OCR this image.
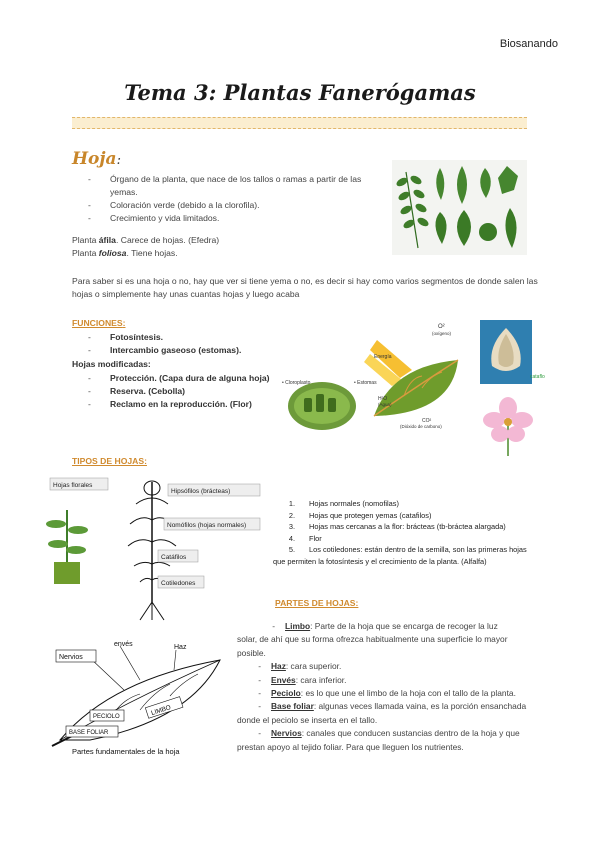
Biosanando
Tema 3: Plantas Fanerógamas
Hoja:
- Órgano de la planta, que nace de los tallos o ramas a partir de las
yemas.
- Coloración verde (debido a la clorofila).
- Crecimiento y vida limitados.
Planta áfila. Carece de hojas. (Efedra)
Planta foliosa. Tiene hojas.
Para saber si es una hoja o no, hay que ver si tiene yema o no, es decir si hay como varios segmentos de donde salen las
hojas o simplemente hay unas cuantas hojas y luego acaba
FUNCIONES:
- Fotosíntesis.
- Intercambio gaseoso (estomas).
Hojas modificadas:
- Protección. (Capa dura de alguna hoja)
- Reserva. (Cebolla)
- Reclamo en la reproducción. (Flor)
• Cloroplasto	• Estomas
Energía
O²
(oxígeno)
H²O
(Agua)
CO²
(Dióxido de carbono)
cataflo
TIPOS DE HOJAS:
Hojas florales
Hipsófilos (brácteas)
Nomófilos (hojas normales)
Catáfilos
Cotiledones
1. Hojas normales (nomofilas)
2. Hojas que protegen yemas (catafilos)
3. Hojas mas cercanas a la flor: brácteas (tb-bráctea alargada)
4. Flor
5. Los cotiledones: están dentro de la semilla, son las primeras hojas
que permiten la fotosíntesis y el crecimiento de la planta. (Alfalfa)
PARTES DE HOJAS:
Nervios
envés	Haz
PECIOLO	LIMBO
BASE FOLIAR
Partes fundamentales de la hoja
- Limbo: Parte de la hoja que se encarga de recoger la luz
solar, de ahí que su forma ofrezca habitualmente una superficie lo mayor
posible.
- Haz: cara superior.
- Envés: cara inferior.
- Peciolo: es lo que une el limbo de la hoja con el tallo de la planta.
- Base foliar: algunas veces llamada vaina, es la porción ensanchada
donde el peciolo se inserta en el tallo.
- Nervios: canales que conducen sustancias dentro de la hoja y que
prestan apoyo al tejido foliar. Para que lleguen los nutrientes.
